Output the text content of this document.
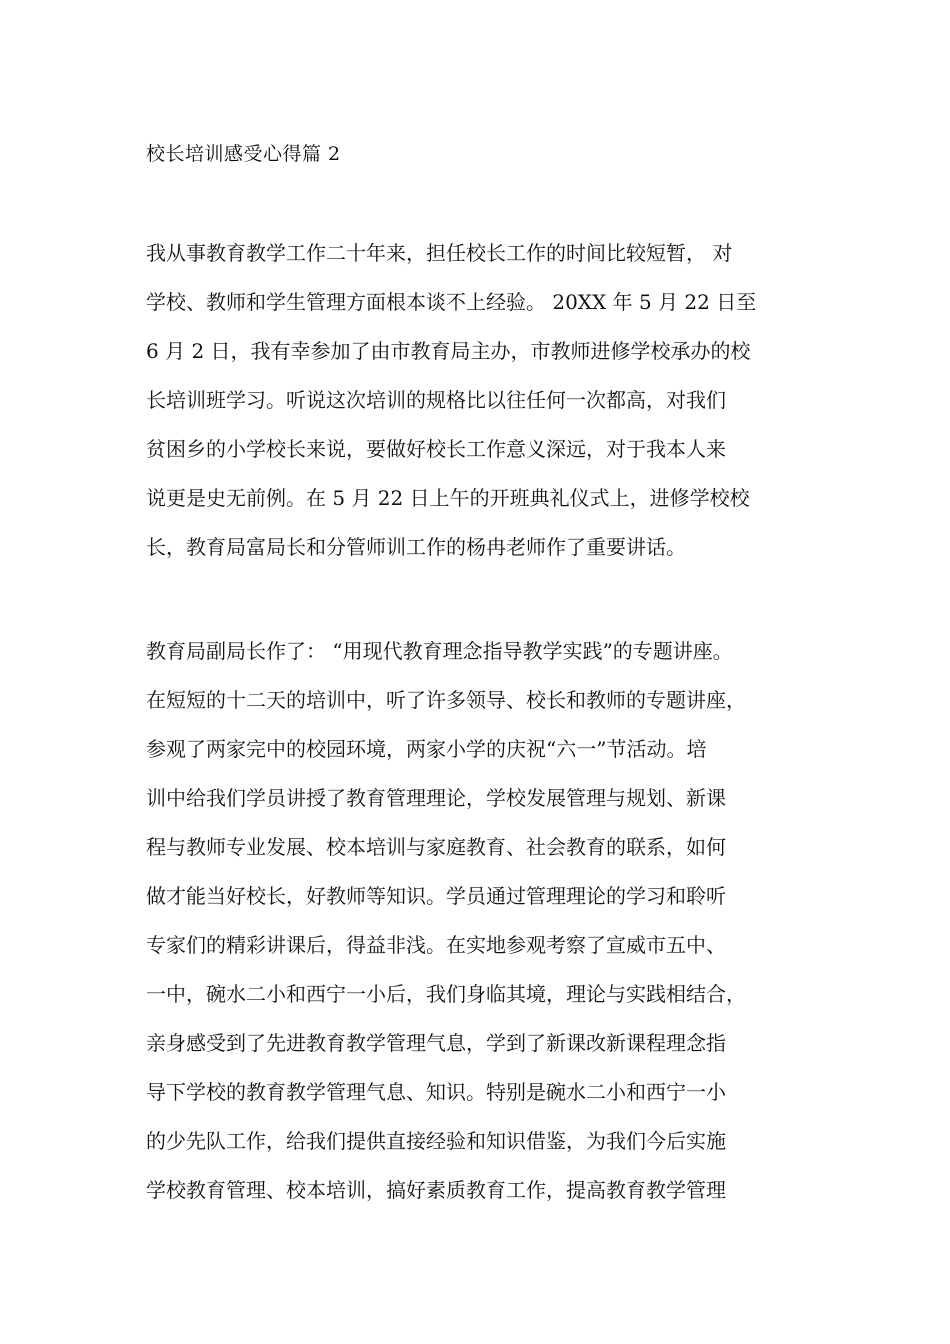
校长培训感受心得篇 2
我从事教育教学工作二十年来，担任校长工作的时间比较短暂， 对
学校、教师和学生管理方面根本谈不上经验。 20XX 年 5 月 22 日至
6 月 2 日，我有幸参加了由市教育局主办，市教师进修学校承办的校
长培训班学习。听说这次培训的规格比以往任何一次都高，对我们
贫困乡的小学校长来说，要做好校长工作意义深远，对于我本人来
说更是史无前例。在 5 月 22 日上午的开班典礼仪式上，进修学校校
长，教育局富局长和分管师训工作的杨冉老师作了重要讲话。
教育局副局长作了： “用现代教育理念指导教学实践”的专题讲座。
在短短的十二天的培训中，听了许多领导、校长和教师的专题讲座，
参观了两家完中的校园环境，两家小学的庆祝“六一”节活动。培
训中给我们学员讲授了教育管理理论，学校发展管理与规划、新课
程与教师专业发展、校本培训与家庭教育、社会教育的联系，如何
做才能当好校长，好教师等知识。学员通过管理理论的学习和聆听
专家们的精彩讲课后，得益非浅。在实地参观考察了宣威市五中、
一中，碗水二小和西宁一小后，我们身临其境，理论与实践相结合，
亲身感受到了先进教育教学管理气息，学到了新课改新课程理念指
导下学校的教育教学管理气息、知识。特别是碗水二小和西宁一小
的少先队工作，给我们提供直接经验和知识借鉴，为我们今后实施
学校教育管理、校本培训，搞好素质教育工作，提高教育教学管理
